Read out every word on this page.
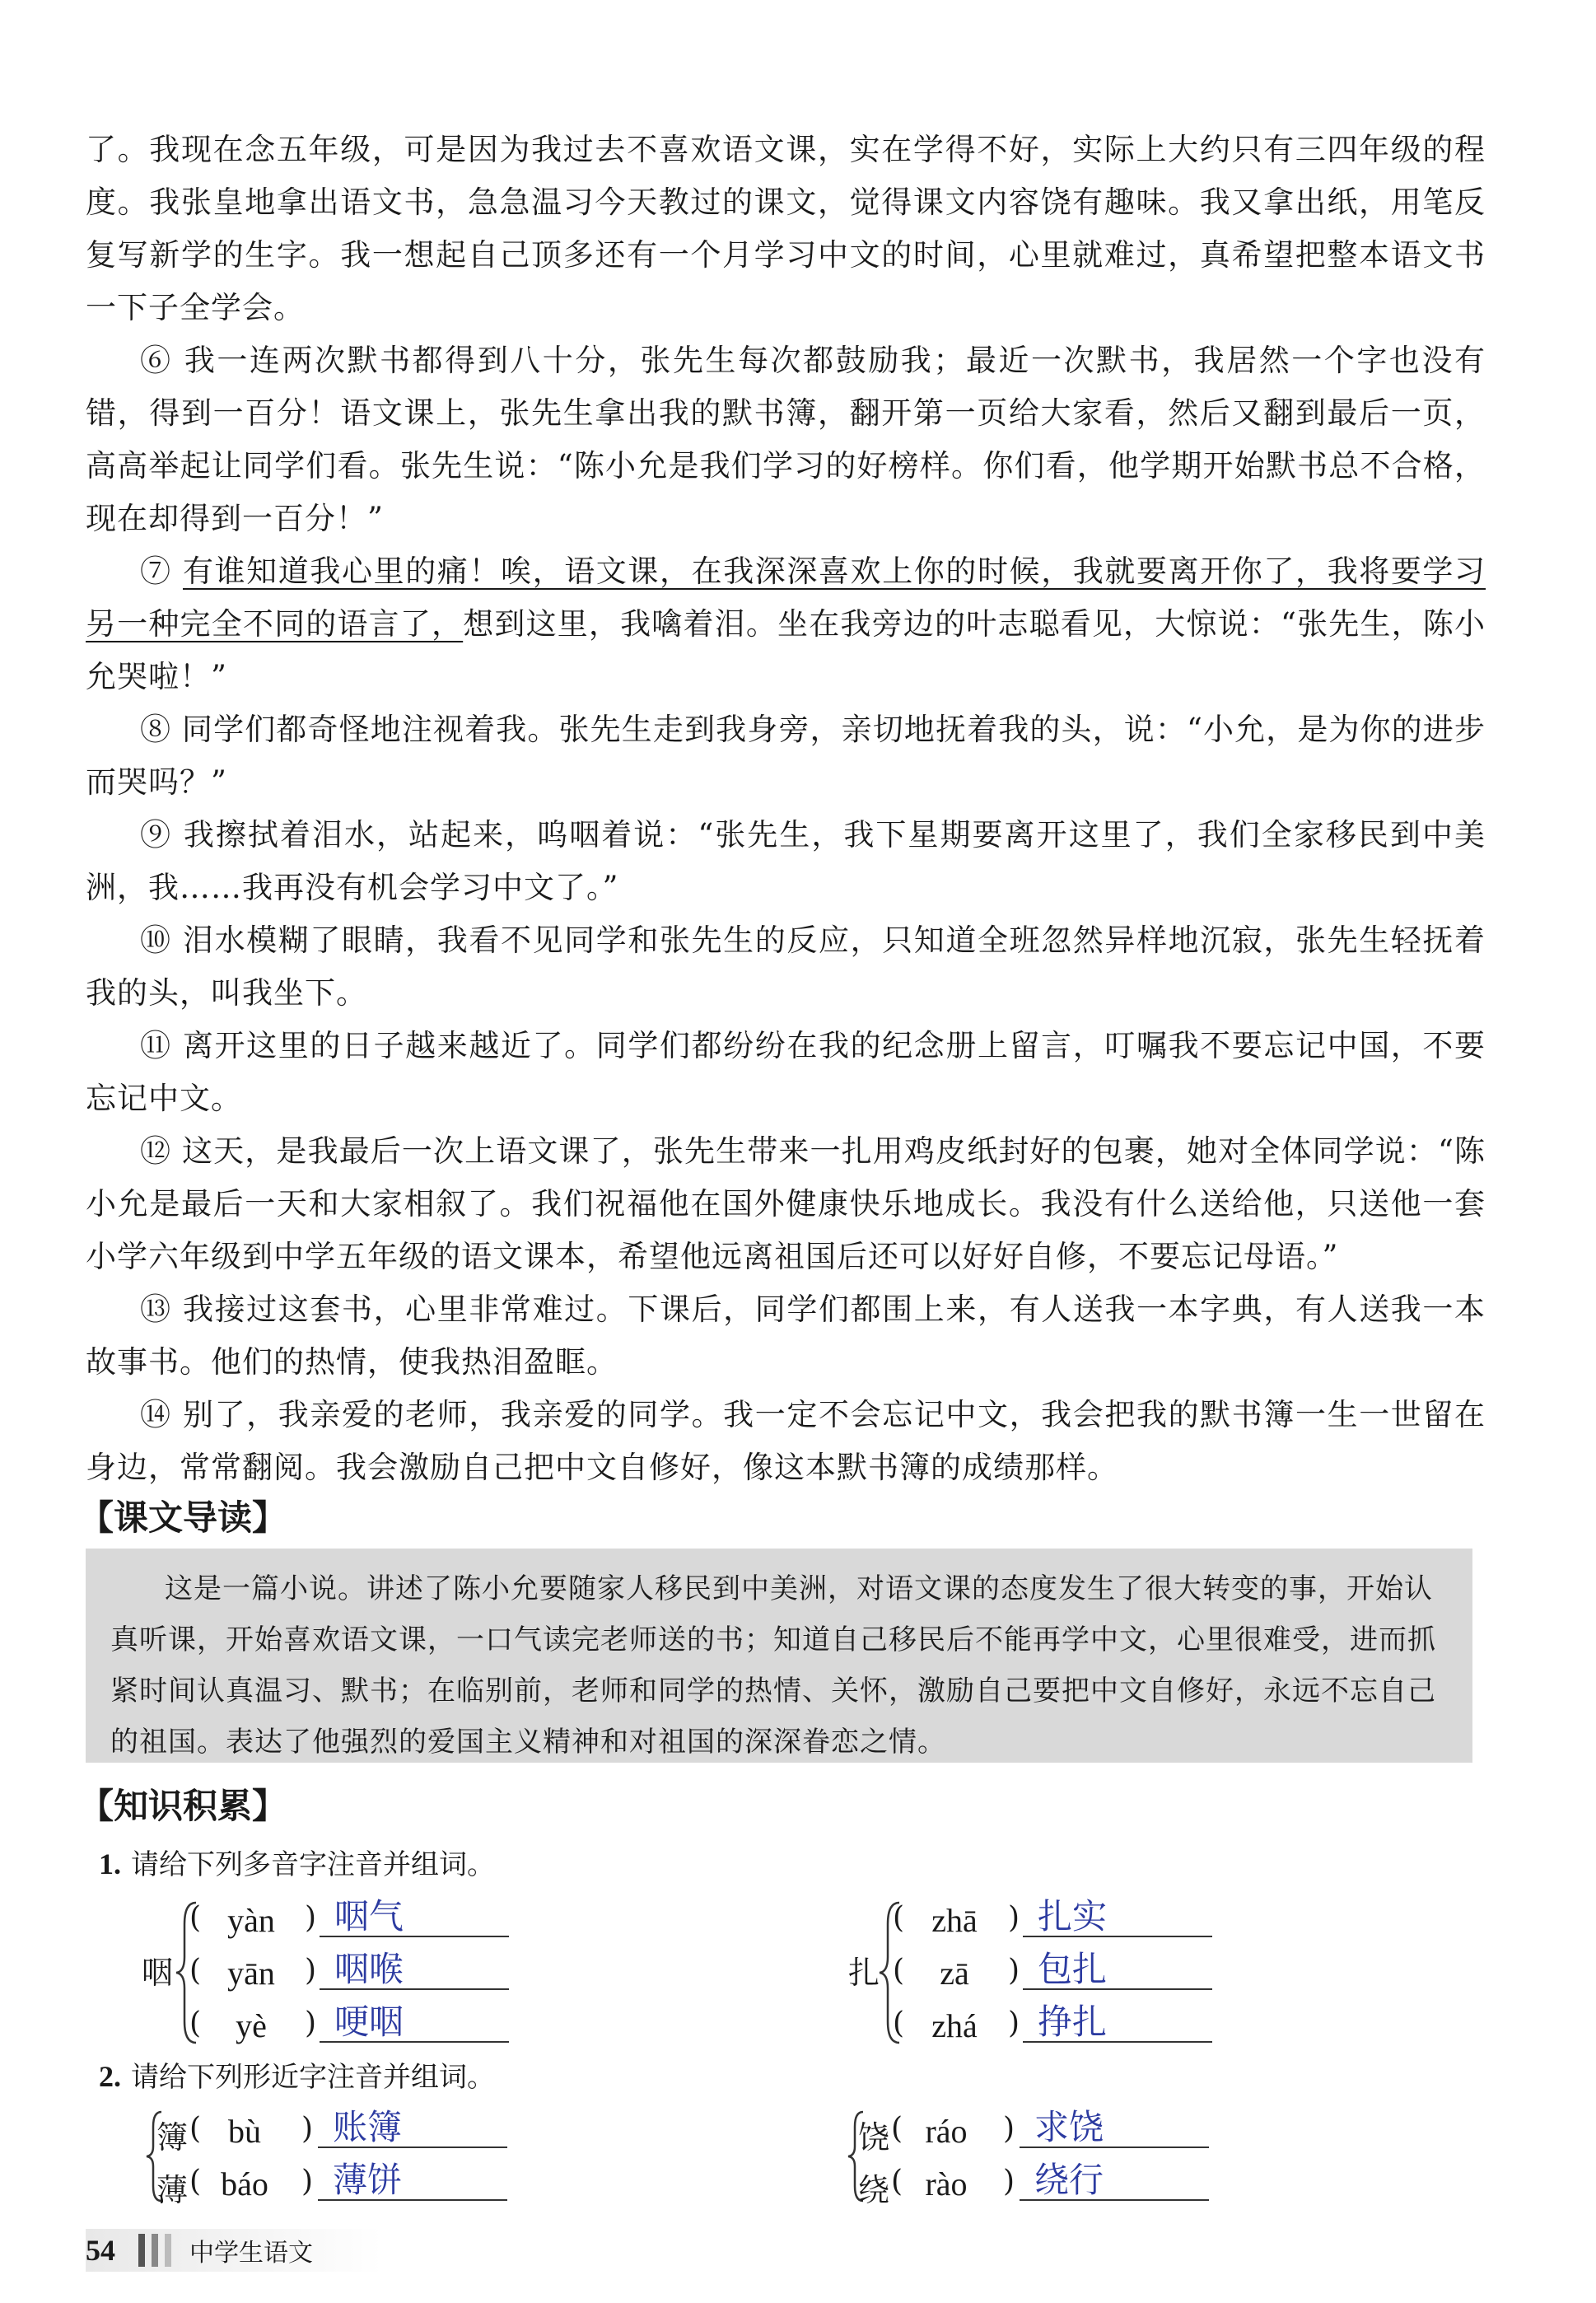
了。我现在念五年级，可是因为我过去不喜欢语文课，实在学得不好，实际上大约只有三四年级的程度。我张皇地拿出语文书，急急温习今天教过的课文，觉得课文内容饶有趣味。我又拿出纸，用笔反复写新学的生字。我一想起自己顶多还有一个月学习中文的时间，心里就难过，真希望把整本语文书一下子全学会。

⑥ 我一连两次默书都得到八十分，张先生每次都鼓励我；最近一次默书，我居然一个字也没有错，得到一百分！语文课上，张先生拿出我的默书簿，翻开第一页给大家看，然后又翻到最后一页，高高举起让同学们看。张先生说：“陈小允是我们学习的好榜样。你们看，他学期开始默书总不合格，现在却得到一百分！”

⑦ 有谁知道我心里的痛！唉，语文课，在我深深喜欢上你的时候，我就要离开你了，我将要学习另一种完全不同的语言了，想到这里，我噙着泪。坐在我旁边的叶志聪看见，大惊说：“张先生，陈小允哭啦！”

⑧ 同学们都奇怪地注视着我。张先生走到我身旁，亲切地抚着我的头，说：“小允，是为你的进步而哭吗？”

⑨ 我擦拭着泪水，站起来，呜咽着说：“张先生，我下星期要离开这里了，我们全家移民到中美洲，我……我再没有机会学习中文了。”

⑩ 泪水模糊了眼睛，我看不见同学和张先生的反应，只知道全班忽然异样地沉寂，张先生轻抚着我的头，叫我坐下。

⑪ 离开这里的日子越来越近了。同学们都纷纷在我的纪念册上留言，叮嘱我不要忘记中国，不要忘记中文。

⑫ 这天，是我最后一次上语文课了，张先生带来一扎用鸡皮纸封好的包裹，她对全体同学说：“陈小允是最后一天和大家相叙了。我们祝福他在国外健康快乐地成长。我没有什么送给他，只送他一套小学六年级到中学五年级的语文课本，希望他远离祖国后还可以好好自修，不要忘记母语。”

⑬ 我接过这套书，心里非常难过。下课后，同学们都围上来，有人送我一本字典，有人送我一本故事书。他们的热情，使我热泪盈眶。

⑭ 别了，我亲爱的老师，我亲爱的同学。我一定不会忘记中文，我会把我的默书簿一生一世留在身边，常常翻阅。我会激励自己把中文自修好，像这本默书簿的成绩那样。

【课文导读】

这是一篇小说。讲述了陈小允要随家人移民到中美洲，对语文课的态度发生了很大转变的事，开始认真听课，开始喜欢语文课，一口气读完老师送的书；知道自己移民后不能再学中文，心里很难受，进而抓紧时间认真温习、默书；在临别前，老师和同学的热情、关怀，激励自己要把中文自修好，永远不忘自己的祖国。表达了他强烈的爱国主义精神和对祖国的深深眷恋之情。

【知识积累】
1. 请给下列多音字注音并组词。
咽
( yàn	) 咽气
( yān	) 咽喉
(	yè	) 哽咽
扎
( zhā	) 扎实
(	zā	) 包扎
( zhá	) 挣扎
2. 请给下列形近字注音并组词。
簿 ( bù	) 账簿
薄 ( báo	) 薄饼
饶 ( ráo	) 求饶
绕 ( rào	) 绕行
54	中学生语文
